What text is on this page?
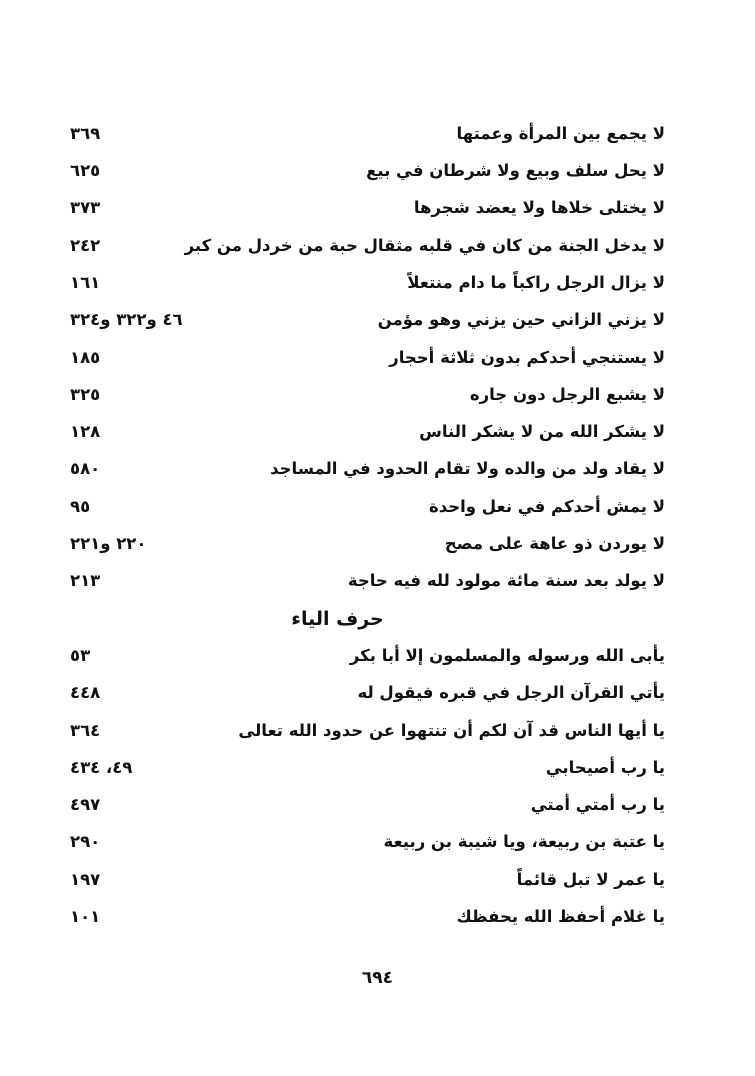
لا يجمع بين المرأة وعمتها
٣٦٩
لا يحل سلف وبيع ولا شرطان في بيع
٦٢٥
لا يختلى خلاها ولا يعضد شجرها
٣٧٣
لا يدخل الجنة من كان في قلبه مثقال حبة من خردل من كبر
٢٤٢
لا يزال الرجل راكباً ما دام منتعلاً
١٦١
لا يزني الزاني حين يزني وهو مؤمن
٤٦ و٣٢٢ و٣٢٤
لا يستنجي أحدكم بدون ثلاثة أحجار
١٨٥
لا يشبع الرجل دون جاره
٣٢٥
لا يشكر الله من لا يشكر الناس
١٢٨
لا يقاد ولد من والده ولا تقام الحدود في المساجد
٥٨٠
لا يمش أحدكم في نعل واحدة
٩٥
لا يوردن ذو عاهة على مصح
٢٢٠ و٢٢١
لا يولد بعد سنة مائة مولود لله فيه حاجة
٢١٣
حرف الياء
يأبى الله ورسوله والمسلمون إلا أبا بكر
٥٣
يأتي القرآن الرجل في قبره فيقول له
٤٤٨
يا أيها الناس قد آن لكم أن تنتهوا عن حدود الله تعالى
٣٦٤
يا رب أصيحابي
٤٩، ٤٣٤
يا رب أمتي أمتي
٤٩٧
يا عتبة بن ربيعة، ويا شيبة بن ربيعة
٢٩٠
يا عمر لا تبل قائماً
١٩٧
يا غلام أحفظ الله يحفظك
١٠١
٦٩٤
